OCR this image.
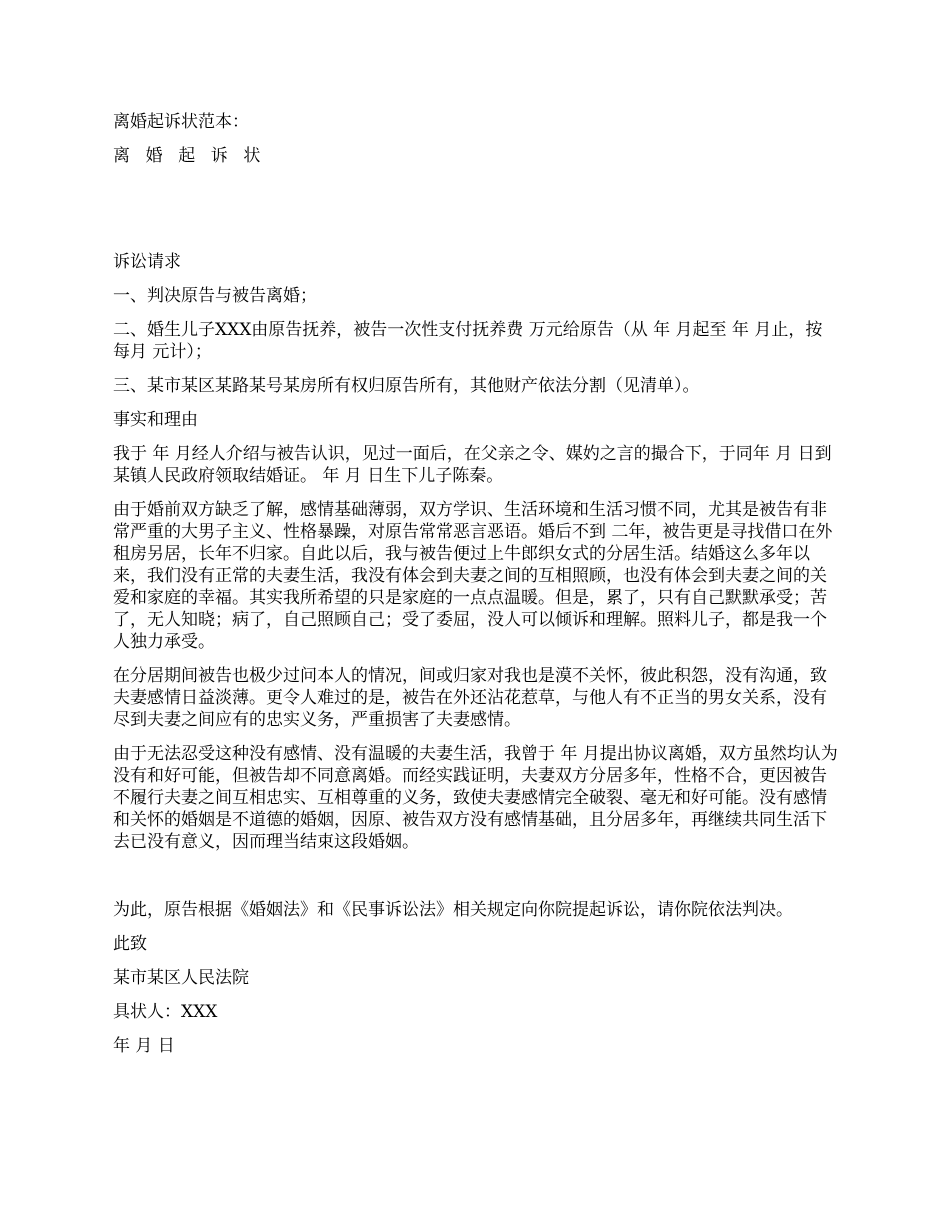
离婚起诉状范本：

离 婚 起 诉 状

诉讼请求

一、判决原告与被告离婚；

二、婚生儿子XXX由原告抚养，被告一次性支付抚养费 万元给原告（从 年 月起至 年 月止，按每月 元计）；

三、某市某区某路某号某房所有权归原告所有，其他财产依法分割（见清单）。

事实和理由

我于 年 月经人介绍与被告认识，见过一面后，在父亲之令、媒妁之言的撮合下，于同年 月 日到某镇人民政府领取结婚证。 年 月 日生下儿子陈秦。

由于婚前双方缺乏了解，感情基础薄弱，双方学识、生活环境和生活习惯不同，尤其是被告有非常严重的大男子主义、性格暴躁，对原告常常恶言恶语。婚后不到 二年，被告更是寻找借口在外租房另居，长年不归家。自此以后，我与被告便过上牛郎织女式的分居生活。结婚这么多年以来，我们没有正常的夫妻生活，我没有体会到夫妻之间的互相照顾，也没有体会到夫妻之间的关爱和家庭的幸福。其实我所希望的只是家庭的一点点温暖。但是，累了，只有自己默默承受；苦了，无人知晓；病了，自己照顾自己；受了委屈，没人可以倾诉和理解。照料儿子，都是我一个人独力承受。

在分居期间被告也极少过问本人的情况，间或归家对我也是漠不关怀，彼此积怨，没有沟通，致夫妻感情日益淡薄。更令人难过的是，被告在外还沾花惹草，与他人有不正当的男女关系，没有尽到夫妻之间应有的忠实义务，严重损害了夫妻感情。

由于无法忍受这种没有感情、没有温暖的夫妻生活，我曾于 年 月提出协议离婚，双方虽然均认为没有和好可能，但被告却不同意离婚。而经实践证明，夫妻双方分居多年，性格不合，更因被告不履行夫妻之间互相忠实、互相尊重的义务，致使夫妻感情完全破裂、毫无和好可能。没有感情和关怀的婚姻是不道德的婚姻，因原、被告双方没有感情基础，且分居多年，再继续共同生活下去已没有意义，因而理当结束这段婚姻。

为此，原告根据《婚姻法》和《民事诉讼法》相关规定向你院提起诉讼，请你院依法判决。

此致

某市某区人民法院

具状人：XXX

年 月 日
